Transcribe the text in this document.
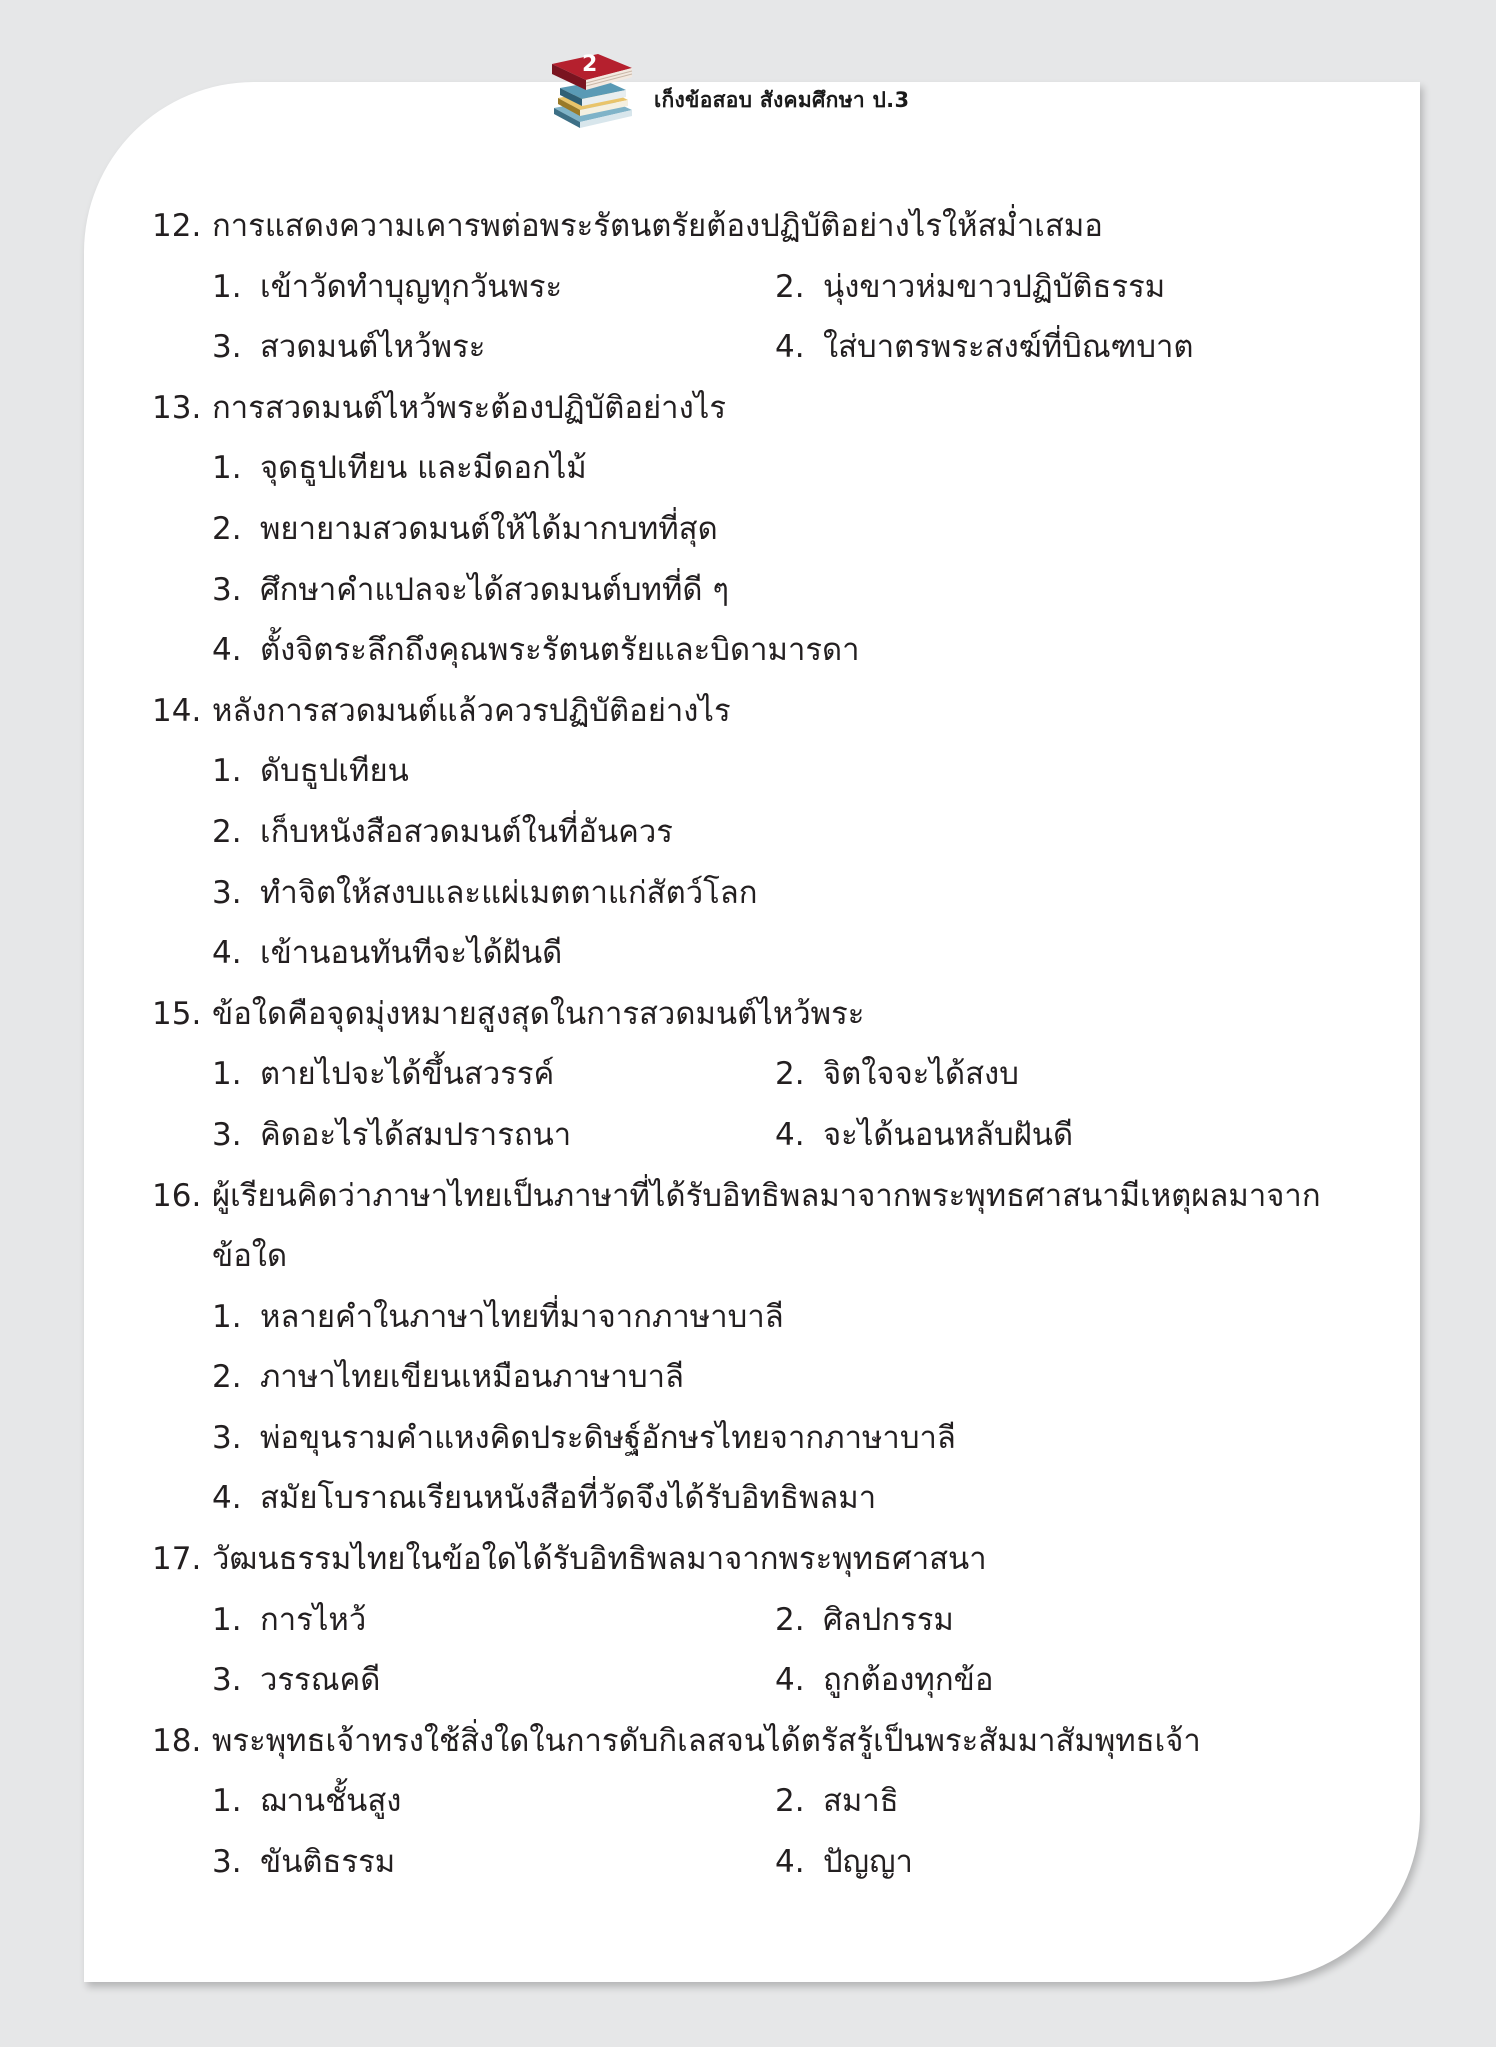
2
เก็งข้อสอบ สังคมศึกษา ป.3
12. การแสดงความเคารพต่อพระรัตนตรัยต้องปฏิบัติอย่างไรให้สม่ำเสมอ
1. เข้าวัดทำบุญทุกวันพระ	2. นุ่งขาวห่มขาวปฏิบัติธรรม
3. สวดมนต์ไหว้พระ	4. ใส่บาตรพระสงฆ์ที่บิณฑบาต
13. การสวดมนต์ไหว้พระต้องปฏิบัติอย่างไร
1. จุดธูปเทียน และมีดอกไม้
2. พยายามสวดมนต์ให้ได้มากบทที่สุด
3. ศึกษาคำแปลจะได้สวดมนต์บทที่ดี ๆ
4. ตั้งจิตระลึกถึงคุณพระรัตนตรัยและบิดามารดา
14. หลังการสวดมนต์แล้วควรปฏิบัติอย่างไร
1. ดับธูปเทียน
2. เก็บหนังสือสวดมนต์ในที่อันควร
3. ทำจิตให้สงบและแผ่เมตตาแก่สัตว์โลก
4. เข้านอนทันทีจะได้ฝันดี
15. ข้อใดคือจุดมุ่งหมายสูงสุดในการสวดมนต์ไหว้พระ
1. ตายไปจะได้ขึ้นสวรรค์	2. จิตใจจะได้สงบ
3. คิดอะไรได้สมปรารถนา	4. จะได้นอนหลับฝันดี
16. ผู้เรียนคิดว่าภาษาไทยเป็นภาษาที่ได้รับอิทธิพลมาจากพระพุทธศาสนามีเหตุผลมาจาก
ข้อใด
1. หลายคำในภาษาไทยที่มาจากภาษาบาลี
2. ภาษาไทยเขียนเหมือนภาษาบาลี
3. พ่อขุนรามคำแหงคิดประดิษฐ์อักษรไทยจากภาษาบาลี
4. สมัยโบราณเรียนหนังสือที่วัดจึงได้รับอิทธิพลมา
17. วัฒนธรรมไทยในข้อใดได้รับอิทธิพลมาจากพระพุทธศาสนา
1. การไหว้	2. ศิลปกรรม
3. วรรณคดี	4. ถูกต้องทุกข้อ
18. พระพุทธเจ้าทรงใช้สิ่งใดในการดับกิเลสจนได้ตรัสรู้เป็นพระสัมมาสัมพุทธเจ้า
1. ฌานชั้นสูง	2. สมาธิ
3. ขันติธรรม	4. ปัญญา
